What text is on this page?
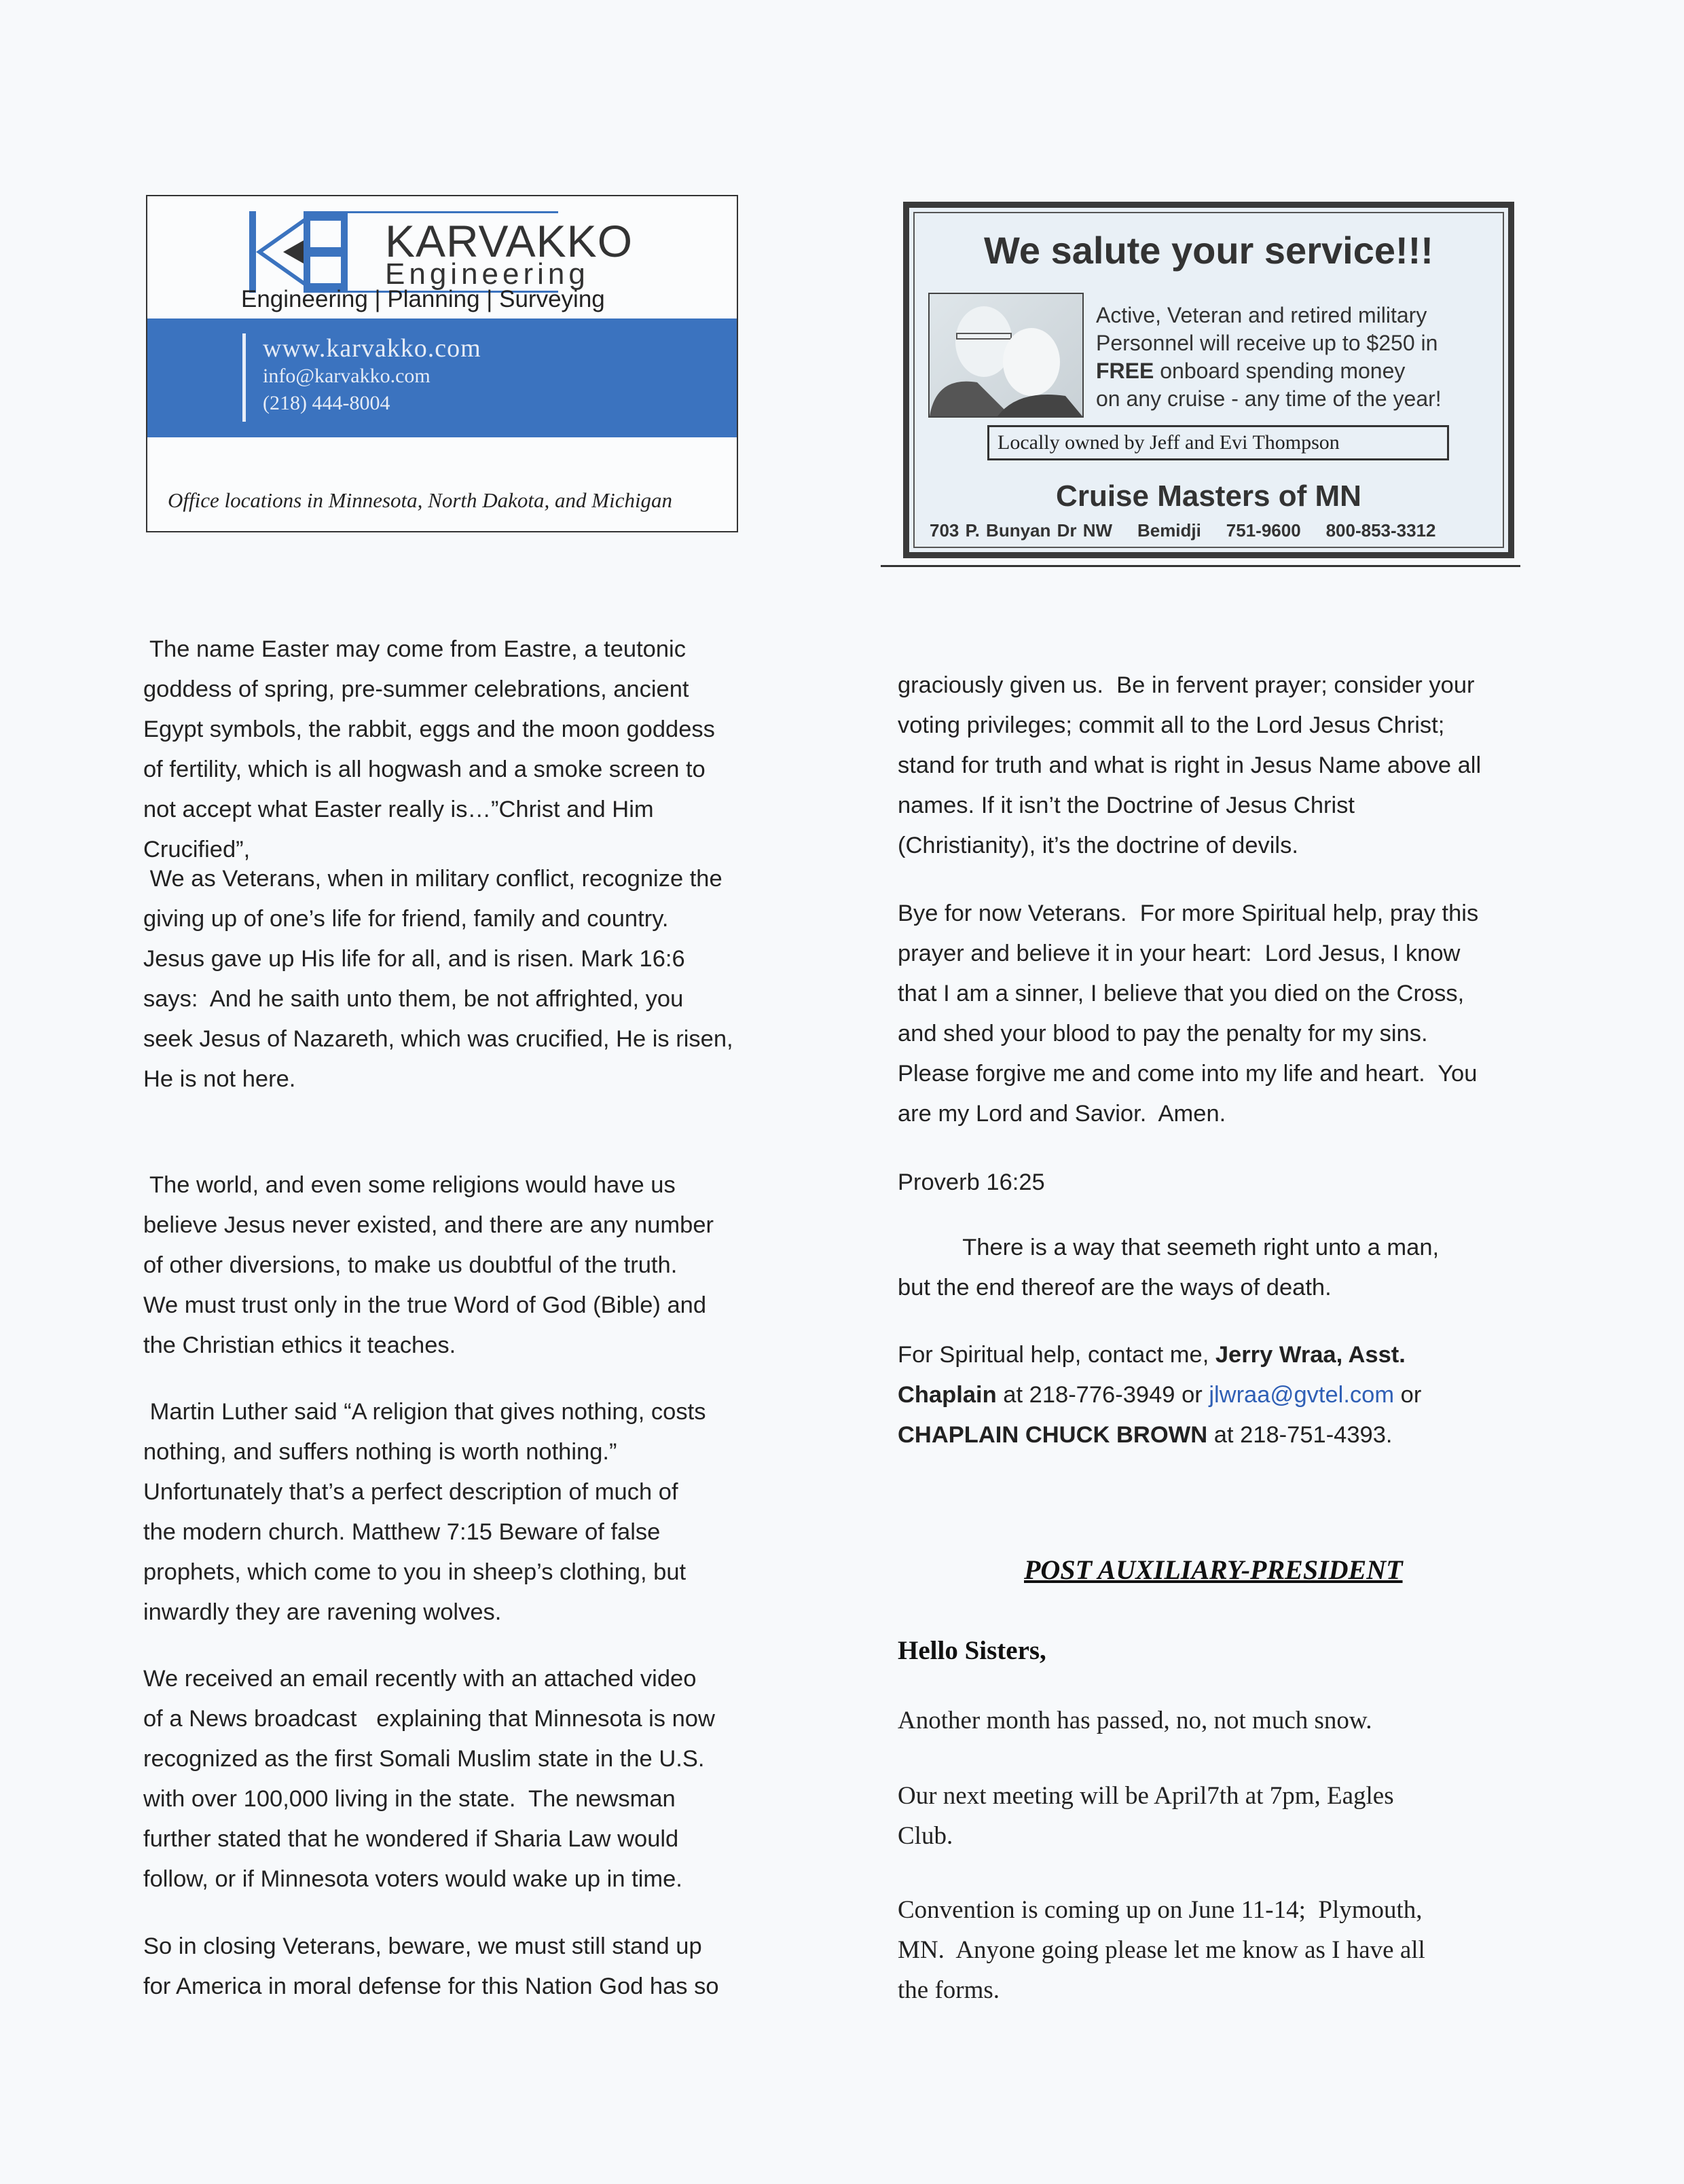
KARVAKKO
Engineering
Engineering | Planning | Surveying
www.karvakko.com
info@karvakko.com
(218) 444-8004
Office locations in Minnesota, North Dakota, and Michigan
We salute your service!!!
Active, Veteran and retired military
Personnel will receive up to $250 in
FREE onboard spending money
on any cruise - any time of the year!
Locally owned by Jeff and Evi Thompson
Cruise Masters of MN
703 P. Bunyan Dr NW Bemidji 751-9600 800-853-3312
The name Easter may come from Eastre, a teutonic
goddess of spring, pre-summer celebrations, ancient
Egypt symbols, the rabbit, eggs and the moon goddess
of fertility, which is all hogwash and a smoke screen to
not accept what Easter really is…”Christ and Him
Crucified”,
We as Veterans, when in military conflict, recognize the
giving up of one’s life for friend, family and country.
Jesus gave up His life for all, and is risen. Mark 16:6
says:  And he saith unto them, be not affrighted, you
seek Jesus of Nazareth, which was crucified, He is risen,
He is not here.
The world, and even some religions would have us
believe Jesus never existed, and there are any number
of other diversions, to make us doubtful of the truth.
We must trust only in the true Word of God (Bible) and
the Christian ethics it teaches.
Martin Luther said “A religion that gives nothing, costs
nothing, and suffers nothing is worth nothing.”
Unfortunately that’s a perfect description of much of
the modern church. Matthew 7:15 Beware of false
prophets, which come to you in sheep’s clothing, but
inwardly they are ravening wolves.
We received an email recently with an attached video
of a News broadcast   explaining that Minnesota is now
recognized as the first Somali Muslim state in the U.S.
with over 100,000 living in the state.  The newsman
further stated that he wondered if Sharia Law would
follow, or if Minnesota voters would wake up in time.
So in closing Veterans, beware, we must still stand up
for America in moral defense for this Nation God has so
graciously given us.  Be in fervent prayer; consider your
voting privileges; commit all to the Lord Jesus Christ;
stand for truth and what is right in Jesus Name above all
names. If it isn’t the Doctrine of Jesus Christ
(Christianity), it’s the doctrine of devils.
Bye for now Veterans.  For more Spiritual help, pray this
prayer and believe it in your heart:  Lord Jesus, I know
that I am a sinner, I believe that you died on the Cross,
and shed your blood to pay the penalty for my sins.
Please forgive me and come into my life and heart.  You
are my Lord and Savior.  Amen.
Proverb 16:25
There is a way that seemeth right unto a man,
but the end thereof are the ways of death.
Another month has passed, no, not much snow.
Our next meeting will be April7th at 7pm, Eagles
Club.
Convention is coming up on June 11-14;  Plymouth,
MN.  Anyone going please let me know as I have all
the forms.
For Spiritual help, contact me, Jerry Wraa, Asst.
Chaplain at 218-776-3949 or jlwraa@gvtel.com or
CHAPLAIN CHUCK BROWN at 218-751-4393.
POST AUXILIARY-PRESIDENT
Hello Sisters,
